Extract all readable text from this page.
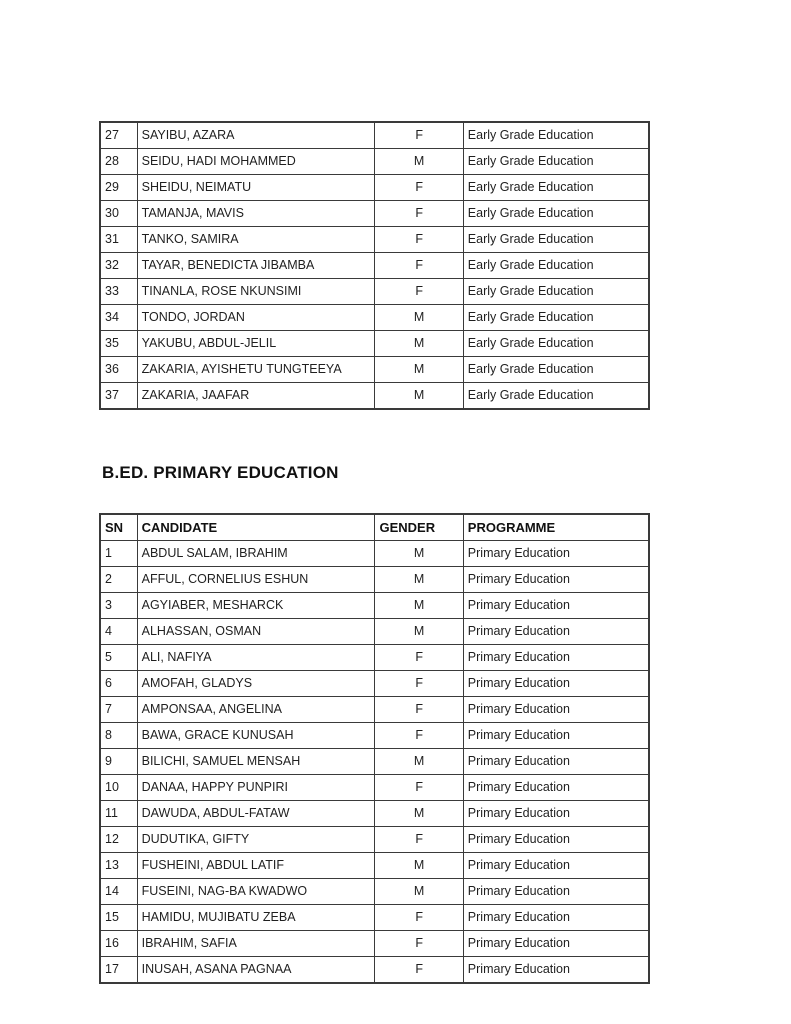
27	SAYIBU, AZARA	F	Early Grade Education
28	SEIDU, HADI MOHAMMED	M	Early Grade Education
29	SHEIDU, NEIMATU	F	Early Grade Education
30	TAMANJA, MAVIS	F	Early Grade Education
31	TANKO, SAMIRA	F	Early Grade Education
32	TAYAR, BENEDICTA JIBAMBA	F	Early Grade Education
33	TINANLA, ROSE NKUNSIMI	F	Early Grade Education
34	TONDO, JORDAN	M	Early Grade Education
35	YAKUBU, ABDUL-JELIL	M	Early Grade Education
36	ZAKARIA, AYISHETU TUNGTEEYA	M	Early Grade Education
37	ZAKARIA, JAAFAR	M	Early Grade Education
B.ED. PRIMARY EDUCATION
SN	CANDIDATE	GENDER	PROGRAMME
1	ABDUL SALAM, IBRAHIM	M	Primary Education
2	AFFUL, CORNELIUS ESHUN	M	Primary Education
3	AGYIABER, MESHARCK	M	Primary Education
4	ALHASSAN, OSMAN	M	Primary Education
5	ALI, NAFIYA	F	Primary Education
6	AMOFAH, GLADYS	F	Primary Education
7	AMPONSAA, ANGELINA	F	Primary Education
8	BAWA, GRACE KUNUSAH	F	Primary Education
9	BILICHI, SAMUEL MENSAH	M	Primary Education
10	DANAA, HAPPY PUNPIRI	F	Primary Education
11	DAWUDA, ABDUL-FATAW	M	Primary Education
12	DUDUTIKA, GIFTY	F	Primary Education
13	FUSHEINI, ABDUL LATIF	M	Primary Education
14	FUSEINI, NAG-BA KWADWO	M	Primary Education
15	HAMIDU, MUJIBATU ZEBA	F	Primary Education
16	IBRAHIM, SAFIA	F	Primary Education
17	INUSAH, ASANA PAGNAA	F	Primary Education
